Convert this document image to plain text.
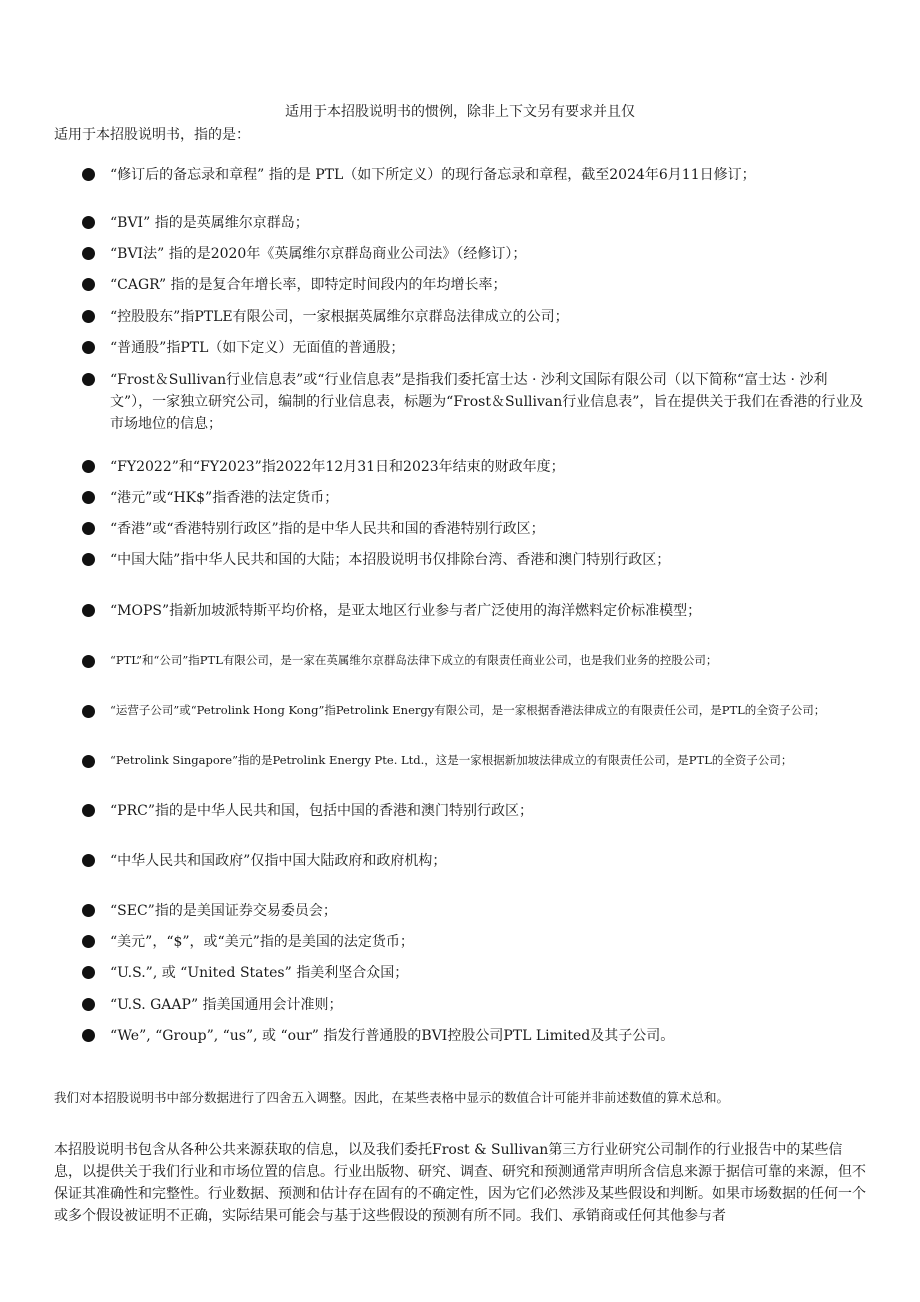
适用于本招股说明书的惯例，除非上下文另有要求并且仅
适用于本招股说明书，指的是：
“修订后的备忘录和章程” 指的是 PTL（如下所定义）的现行备忘录和章程，截至2024年6月11日修订；
“BVI” 指的是英属维尔京群岛；
“BVI法” 指的是2020年《英属维尔京群岛商业公司法》（经修订）；
“CAGR” 指的是复合年增长率，即特定时间段内的年均增长率；
“控股股东”指PTLE有限公司，一家根据英属维尔京群岛法律成立的公司；
“普通股”指PTL（如下定义）无面值的普通股；
“Frost＆Sullivan行业信息表”或“行业信息表”是指我们委托富士达 · 沙利文国际有限公司（以下简称“富士达 · 沙利文”），一家独立研究公司，编制的行业信息表，标题为“Frost＆Sullivan行业信息表”，旨在提供关于我们在香港的行业及市场地位的信息；
“FY2022”和“FY2023”指2022年12月31日和2023年结束的财政年度；
“港元”或“HK$”指香港的法定货币；
“香港”或“香港特别行政区”指的是中华人民共和国的香港特别行政区；
“中国大陆”指中华人民共和国的大陆；本招股说明书仅排除台湾、香港和澳门特别行政区；
“MOPS”指新加坡派特斯平均价格，是亚太地区行业参与者广泛使用的海洋燃料定价标准模型；
“PTL”和“公司”指PTL有限公司，是一家在英属维尔京群岛法律下成立的有限责任商业公司，也是我们业务的控股公司；
“运营子公司”或“Petrolink Hong Kong”指Petrolink Energy有限公司，是一家根据香港法律成立的有限责任公司，是PTL的全资子公司；
“Petrolink Singapore”指的是Petrolink Energy Pte. Ltd.，这是一家根据新加坡法律成立的有限责任公司，是PTL的全资子公司；
“PRC”指的是中华人民共和国，包括中国的香港和澳门特别行政区；
“中华人民共和国政府”仅指中国大陆政府和政府机构；
“SEC”指的是美国证券交易委员会；
“美元”，“$”，或“美元”指的是美国的法定货币；
“U.S.”, 或 “United States” 指美利坚合众国；
“U.S. GAAP” 指美国通用会计准则；
“We”, “Group”, “us”, 或 “our” 指发行普通股的BVI控股公司PTL Limited及其子公司。

我们对本招股说明书中部分数据进行了四舍五入调整。因此，在某些表格中显示的数值合计可能并非前述数值的算术总和。

本招股说明书包含从各种公共来源获取的信息，以及我们委托Frost & Sullivan第三方行业研究公司制作的行业报告中的某些信息，以提供关于我们行业和市场位置的信息。行业出版物、研究、调查、研究和预测通常声明所含信息来源于据信可靠的来源，但不保证其准确性和完整性。行业数据、预测和估计存在固有的不确定性，因为它们必然涉及某些假设和判断。如果市场数据的任何一个或多个假设被证明不正确，实际结果可能会与基于这些假设的预测有所不同。我们、承销商或任何其他参与者
